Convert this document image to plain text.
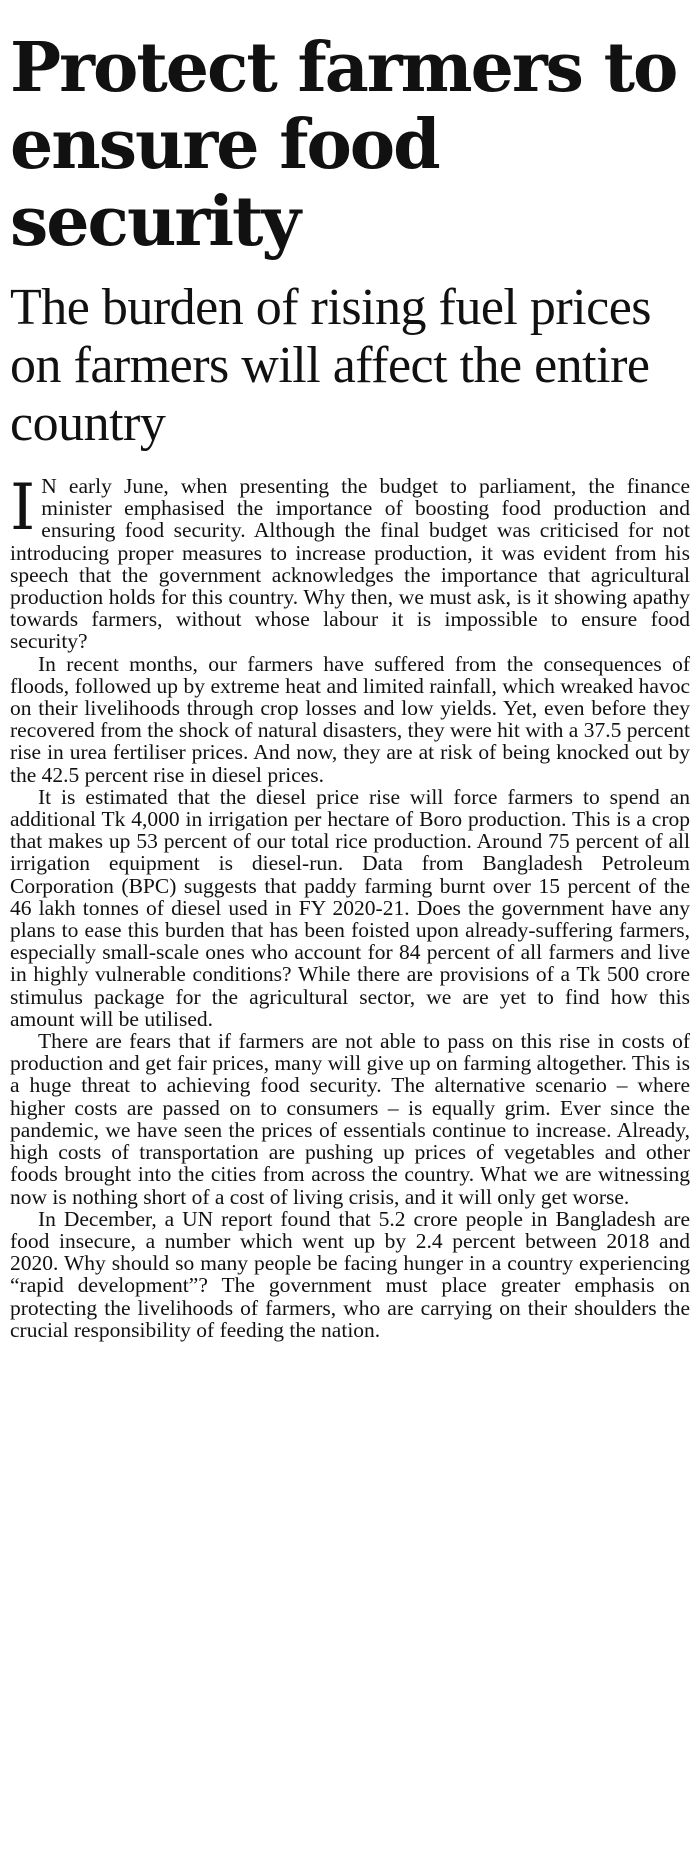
Protect farmers to ensure food security
The burden of rising fuel prices on farmers will affect the entire country

I N early June, when presenting the budget to parliament, the finance minister emphasised the importance of boosting food production and ensuring food security. Although the final budget was criticised for not introducing proper measures to increase production, it was evident from his speech that the government acknowledges the importance that agricultural production holds for this country. Why then, we must ask, is it showing apathy towards farmers, without whose labour it is impossible to ensure food security?

In recent months, our farmers have suffered from the consequences of floods, followed up by extreme heat and limited rainfall, which wreaked havoc on their livelihoods through crop losses and low yields. Yet, even before they recovered from the shock of natural disasters, they were hit with a 37.5 percent rise in urea fertiliser prices. And now, they are at risk of being knocked out by the 42.5 percent rise in diesel prices.

It is estimated that the diesel price rise will force farmers to spend an additional Tk 4,000 in irrigation per hectare of Boro production. This is a crop that makes up 53 percent of our total rice production. Around 75 percent of all irrigation equipment is diesel-run. Data from Bangladesh Petroleum Corporation (BPC) suggests that paddy farming burnt over 15 percent of the 46 lakh tonnes of diesel used in FY 2020-21. Does the government have any plans to ease this burden that has been foisted upon already-suffering farmers, especially small-scale ones who account for 84 percent of all farmers and live in highly vulnerable conditions? While there are provisions of a Tk 500 crore stimulus package for the agricultural sector, we are yet to find how this amount will be utilised.

There are fears that if farmers are not able to pass on this rise in costs of production and get fair prices, many will give up on farming altogether. This is a huge threat to achieving food security. The alternative scenario – where higher costs are passed on to consumers – is equally grim. Ever since the pandemic, we have seen the prices of essentials continue to increase. Already, high costs of transportation are pushing up prices of vegetables and other foods brought into the cities from across the country. What we are witnessing now is nothing short of a cost of living crisis, and it will only get worse.

In December, a UN report found that 5.2 crore people in Bangladesh are food insecure, a number which went up by 2.4 percent between 2018 and 2020. Why should so many people be facing hunger in a country experiencing “rapid development”? The government must place greater emphasis on protecting the livelihoods of farmers, who are carrying on their shoulders the crucial responsibility of feeding the nation.
